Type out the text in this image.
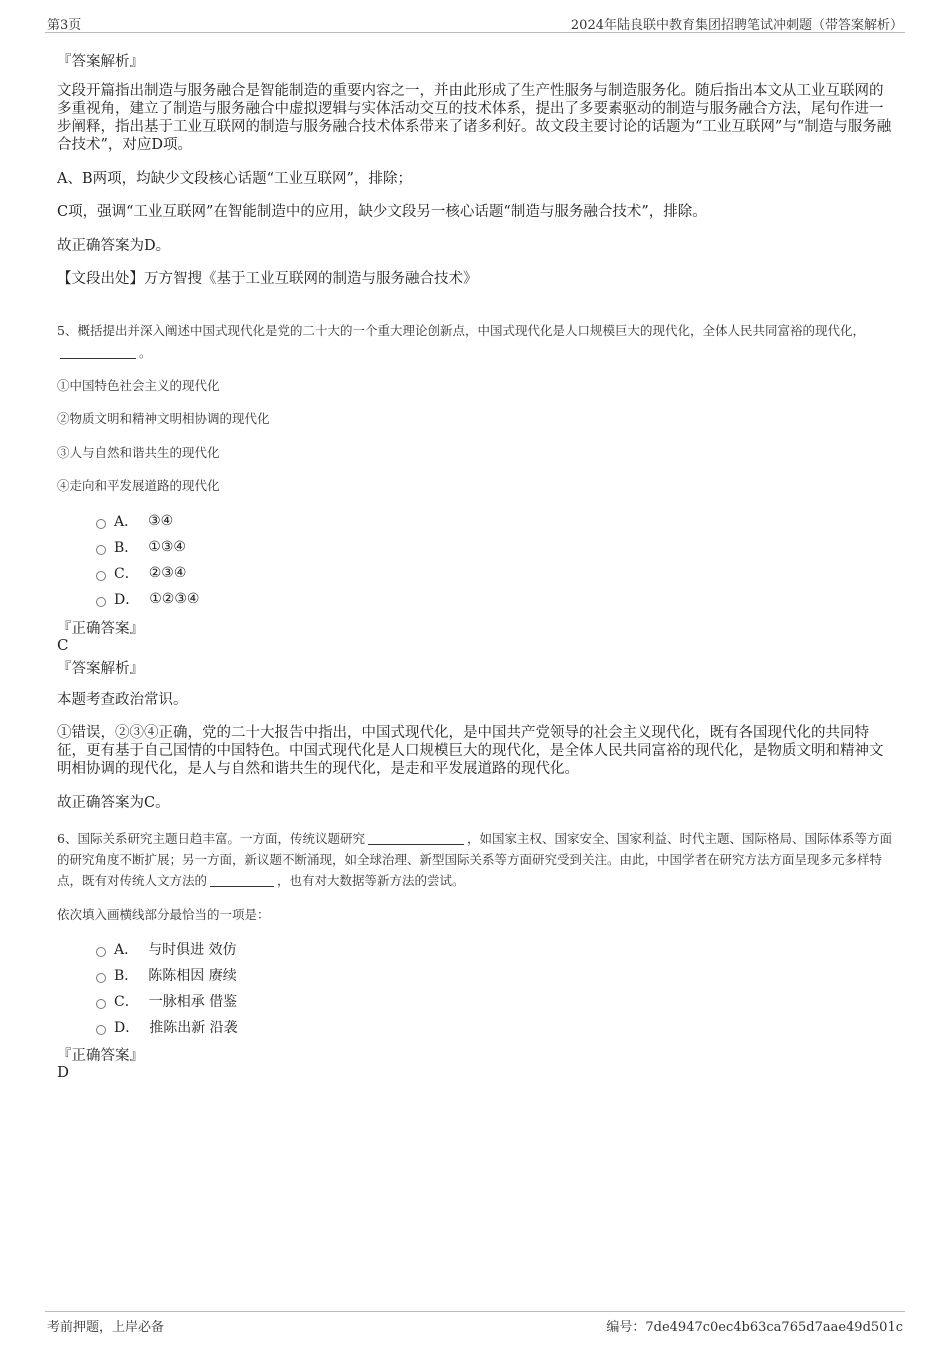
第3页	2024年陆良联中教育集团招聘笔试冲刺题（带答案解析）
『答案解析』
文段开篇指出制造与服务融合是智能制造的重要内容之一，并由此形成了生产性服务与制造服务化。随后指出本文从工业互联网的多重视角，建立了制造与服务融合中虚拟逻辑与实体活动交互的技术体系，提出了多要素驱动的制造与服务融合方法，尾句作进一步阐释，指出基于工业互联网的制造与服务融合技术体系带来了诸多利好。故文段主要讨论的话题为“工业互联网”与“制造与服务融合技术”，对应D项。
A、B两项，均缺少文段核心话题“工业互联网”，排除；
C项，强调“工业互联网”在智能制造中的应用，缺少文段另一核心话题“制造与服务融合技术”，排除。
故正确答案为D。
【文段出处】万方智搜《基于工业互联网的制造与服务融合技术》
5、概括提出并深入阐述中国式现代化是党的二十大的一个重大理论创新点，中国式现代化是人口规模巨大的现代化，全体人民共同富裕的现代化，。
①中国特色社会主义的现代化
②物质文明和精神文明相协调的现代化
③人与自然和谐共生的现代化
④走向和平发展道路的现代化
A． ③④
B． ①③④
C． ②③④
D． ①②③④
『正确答案』
C
『答案解析』
本题考查政治常识。
①错误，②③④正确，党的二十大报告中指出，中国式现代化，是中国共产党领导的社会主义现代化，既有各国现代化的共同特征，更有基于自己国情的中国特色。中国式现代化是人口规模巨大的现代化，是全体人民共同富裕的现代化，是物质文明和精神文明相协调的现代化，是人与自然和谐共生的现代化，是走和平发展道路的现代化。
故正确答案为C。
6、国际关系研究主题日趋丰富。一方面，传统议题研究	，如国家主权、国家安全、国家利益、时代主题、国际格局、国际体系等方面的研究角度不断扩展；另一方面，新议题不断涌现，如全球治理、新型国际关系等方面研究受到关注。由此，中国学者在研究方法方面呈现多元多样特点，既有对传统人文方法的	，也有对大数据等新方法的尝试。
依次填入画横线部分最恰当的一项是：
A． 与时俱进 效仿
B． 陈陈相因 赓续
C． 一脉相承 借鉴
D． 推陈出新 沿袭
『正确答案』
D
考前押题，上岸必备	编号：7de4947c0ec4b63ca765d7aae49d501c
